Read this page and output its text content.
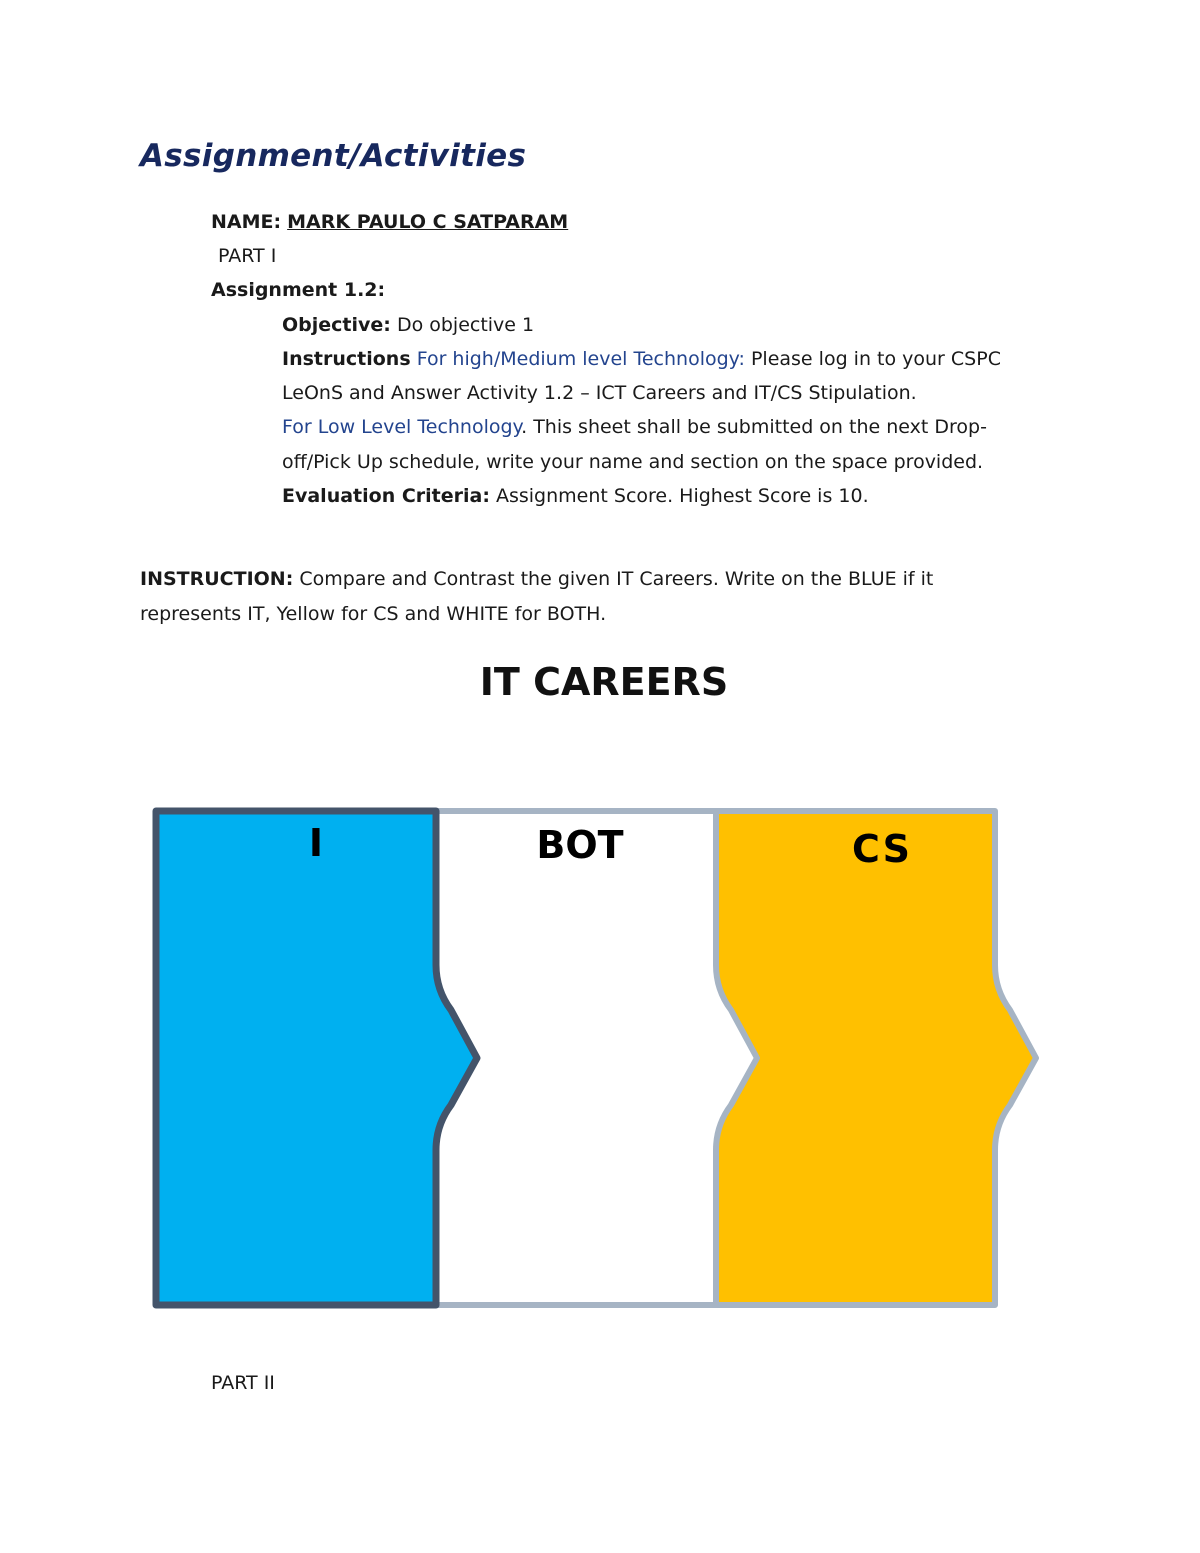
Assignment/Activities
NAME: MARK PAULO C SATPARAM
PART I
Assignment 1.2:
Objective: Do objective 1
Instructions For high/Medium level Technology: Please log in to your CSPC
LeOnS and Answer Activity 1.2 – ICT Careers and IT/CS Stipulation.
For Low Level Technology. This sheet shall be submitted on the next Drop-
off/Pick Up schedule, write your name and section on the space provided.
Evaluation Criteria: Assignment Score. Highest Score is 10.
INSTRUCTION: Compare and Contrast the given IT Careers. Write on the BLUE if it
represents IT, Yellow for CS and WHITE for BOTH.
IT CAREERS
I	BOT	CS
PART II
